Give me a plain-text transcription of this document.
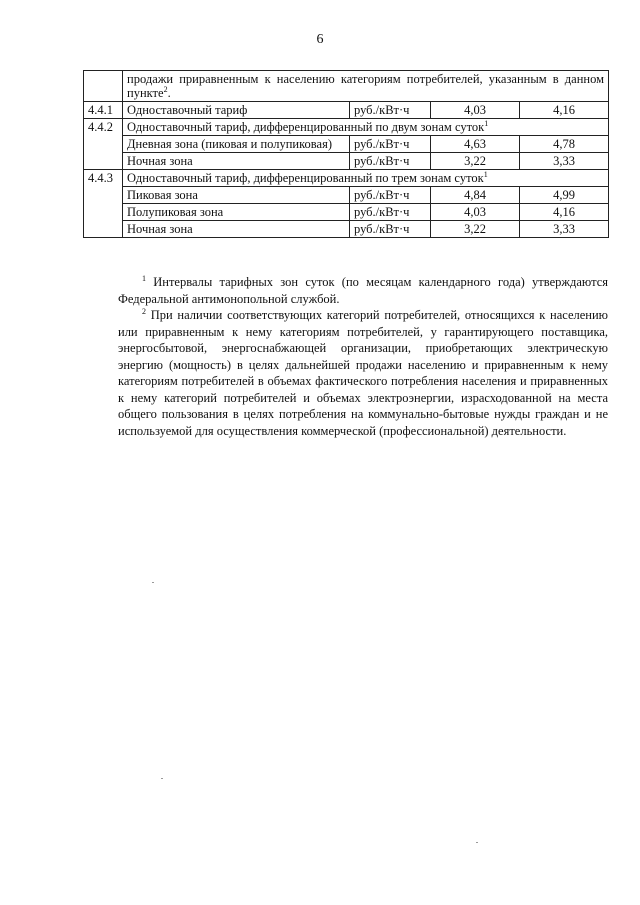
6
	продажи приравненным к населению категориям потребителей, указанным в данном пункте$^2$.			
4.4.1	Одноставочный тариф	руб./кВт·ч	4,03	4,16
4.4.2	Одноставочный тариф, дифференцированный по двум зонам суток$^1$
	Дневная зона (пиковая и полупиковая)	руб./кВт·ч	4,63	4,78
	Ночная зона	руб./кВт·ч	3,22	3,33
4.4.3	Одноставочный тариф, дифференцированный по трем зонам суток$^1$
	Пиковая зона	руб./кВт·ч	4,84	4,99
	Полупиковая зона	руб./кВт·ч	4,03	4,16
	Ночная зона	руб./кВт·ч	3,22	3,33

$^1$ Интервалы тарифных зон суток (по месяцам календарного года) утверждаются Федеральной антимонопольной службой.

$^2$ При наличии соответствующих категорий потребителей, относящихся к населению или приравненным к нему категориям потребителей, у гарантирующего поставщика, энергосбытовой, энергоснабжающей организации, приобретающих электрическую энергию (мощность) в целях дальнейшей продажи населению и приравненным к нему категориям потребителей в объемах фактического потребления населения и приравненных к нему категорий потребителей и объемах электроэнергии, израсходованной на места общего пользования в целях потребления на коммунально-бытовые нужды граждан и не используемой для осуществления коммерческой (профессиональной) деятельности.
